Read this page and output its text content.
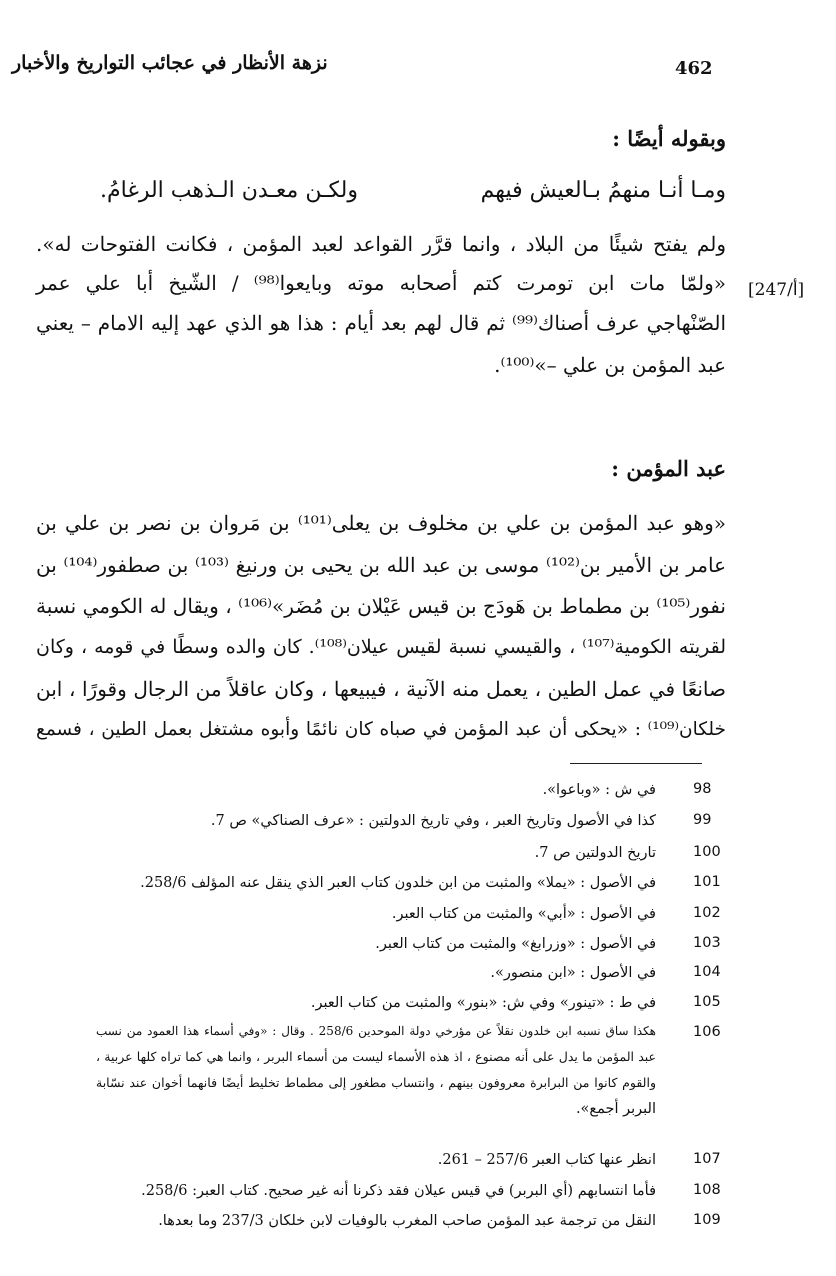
نزهة الأنظار في عجائب التواريخ والأخبار	462
وبقوله أيضًا :
ومـا أنـا منهمُ بـالعيش فيهم
ولكـن معـدن الـذهب الرغامُ.
ولم يفتح شيئًا من البلاد ، وانما قرَّر القواعد لعبد المؤمن ، فكانت الفتوحات له».
«ولمّا مات ابن تومرت كتم أصحابه موته وبايعوا⁽⁹⁸⁾ / الشّيخ أبا علي عمر
الصّنْهاجي عرف أصناك⁽⁹⁹⁾ ثم قال لهم بعد أيام : هذا هو الذي عهد إليه الامام – يعني
عبد المؤمن بن علي –»⁽¹⁰⁰⁾.
[247/أ]
عبد المؤمن :
«وهو عبد المؤمن بن علي بن مخلوف بن يعلى⁽¹⁰¹⁾ بن مَروان بن نصر بن علي بن
عامر بن الأمير بن⁽¹⁰²⁾ موسى بن عبد الله بن يحيى بن ورنيغ ⁽¹⁰³⁾ بن صطفور⁽¹⁰⁴⁾ بن
نفور⁽¹⁰⁵⁾ بن مطماط بن هَودَج بن قيس عَيْلان بن مُضَر»⁽¹⁰⁶⁾ ، ويقال له الكومي نسبة
لقريته الكومية⁽¹⁰⁷⁾ ، والقيسي نسبة لقيس عيلان⁽¹⁰⁸⁾. كان والده وسطًا في قومه ، وكان
صانعًا في عمل الطين ، يعمل منه الآنية ، فيبيعها ، وكان عاقلاً من الرجال وقورًا ، ابن
خلكان⁽¹⁰⁹⁾ : «يحكى أن عبد المؤمن في صباه كان نائمًا وأبوه مشتغل بعمل الطين ، فسمع
98
في ش : «وباعوا».
99
كذا في الأصول وتاريخ العبر ، وفي تاريخ الدولتين : «عرف الصناكي» ص 7.
100
تاريخ الدولتين ص 7.
101
في الأصول : «يملا» والمثبت من ابن خلدون كتاب العبر الذي ينقل عنه المؤلف 258/6.
102
في الأصول : «أبي» والمثبت من كتاب العبر.
103
في الأصول : «وزرابغ» والمثبت من كتاب العبر.
104
في الأصول : «ابن منصور».
105
في ط : «تينور» وفي ش: «بنور» والمثبت من كتاب العبر.
106
هكذا ساق نسبه ابن خلدون نقلاً عن مؤرخي دولة الموحدين 258/6 . وقال : «وفي أسماء هذا العمود من نسب
عبد المؤمن ما يدل على أنه مصنوع ، اذ هذه الأسماء ليست من أسماء البربر ، وانما هي كما تراه كلها عربية ،
والقوم كانوا من البرابرة معروفون بينهم ، وانتساب مطغور إلى مطماط تخليط أيضًا فانهما أخوان عند نسّابة
البربر أجمع».
107
انظر عنها كتاب العبر 257/6 – 261.
108
فأما انتسابهم (أي البربر) في قيس عيلان فقد ذكرنا أنه غير صحيح. كتاب العبر: 258/6.
109
النقل من ترجمة عبد المؤمن صاحب المغرب بالوفيات لابن خلكان 237/3 وما بعدها.
